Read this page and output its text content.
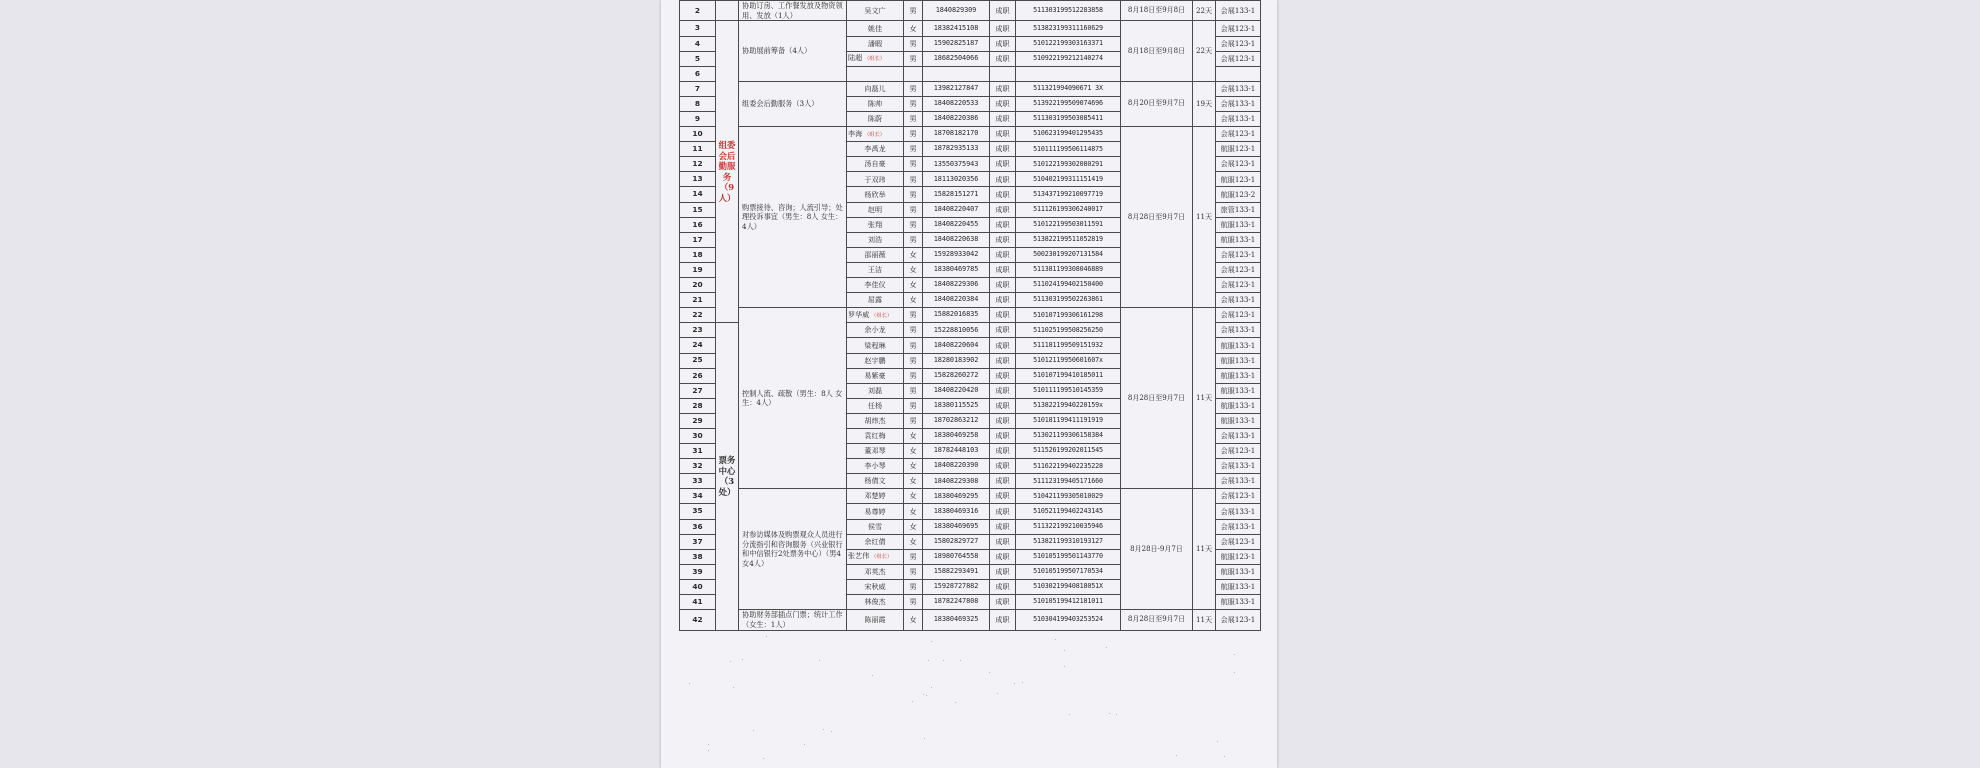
2		协助订房、工作餐发放及物资领用、发放（1人）	吴文广	男	1840829309	成职	511303199512283858	8月18日至9月8日	22天	会展133-1
3	组委会后勤服务（9人）	协助展前筹备（4人）	姚佳	女	18382415108	成职	513823199311160629	8月18日至9月8日	22天	会展123-1
4			潘暇	男	15902825187	成职	510122199303163371			会展123-1
5			陆超 （组长）	男	18682504066	成职	510922199212140274			会展123-1
6										
7		组委会后勤服务（3人）	向磊儿	男	13982127847	成职	511321994090671 3X	8月20日至9月7日	19天	会展133-1
8			陈帅	男	18408220533	成职	513922199509074696			会展133-1
9			陈蔚	男	18408220386	成职	511303199503085411			会展133-1
10		购票接待、咨询；人流引导；处理投诉事宜（男生：8人 女生：4人）	李海 （组长）	男	18708182170	成职	510623199401295435	8月28日至9月7日	11天	会展123-1
11			李禹龙	男	18782935133	成职	510111199506114875			航服123-1
12			汤自豪	男	13550375943	成职	510122199302080291			会展123-1
13			于双玮	男	18113020356	成职	510402199311151419			航服123-1
14			杨欣举	男	15828151271	成职	513437199210097719			航服123-2
15			赵明	男	18408220407	成职	511126199306240017			旅管133-1
16			张翔	男	18408220455	成职	510122199503011591			航服133-1
17			刘浩	男	18408220638	成职	513822199511052819			航服133-1
18			邵丽薇	女	15928933042	成职	500230199207131584			会展123-1
19			王洁	女	18380469785	成职	511381199308046889			会展123-1
20			李佳仪	女	18408229306	成职	511024199402150400			会展123-1
21			屈露	女	18408220384	成职	511303199502263861			会展133-1
22		控制人流、疏散（男生：8人 女生：4人）	罗华威 （组长）	男	15882016835	成职	510107199306161298	8月28日至9月7日	11天	会展123-1
23	票务中心（3处）		余小龙	男	15228810056	成职	511025199508256250			会展133-1
24			梁程琳	男	18408220604	成职	511181199509151932			航服133-1
25			赵宇鹏	男	18280183902	成职	51012119950601607x			航服133-1
26			易紫豪	男	15828260272	成职	510107199410185011			航服133-1
27			刘磊	男	18408220420	成职	510111199510145359			航服133-1
28			任杨	男	18380115525	成职	51382219940220159x			航服133-1
29			胡炜杰	男	18702863212	成职	510181199411191919			航服133-1
30			袁红梅	女	18380469258	成职	513021199306158384			会展133-1
31			董邓琴	女	18782448103	成职	511526199202011545			会展123-1
32			李小琴	女	18408220390	成职	511622199402235228			会展133-1
33			杨倩文	女	18408229308	成职	511123199405171660			会展133-1
34		对参访媒体及购票观众人员进行分流指引和咨询服务（兴业银行和中信银行2处票务中心）（男4 女4人）	邓楚婷	女	18380469295	成职	510421199305010029	8月28日-9月7日	11天	会展123-1
35			易尊婷	女	18380469316	成职	510521199402243145			会展133-1
36			侯雪	女	18380469695	成职	511322199210035946			会展133-1
37			余红倩	女	15802829727	成职	513821199310193127			会展123-1
38			张艺伟 （组长）	男	18980764558	成职	510105199501143770			航服123-1
39			邓英杰	男	15882293491	成职	510105199507170534			航服133-1
40			宋秋威	男	15928727882	成职	51030219940818051X			航服133-1
41			林俊杰	男	18782247808	成职	510105199412181011			航服133-1
42		协助财务部插点门票；统计工作（女生：1人）	陈丽霞	女	18380469325	成职	510304199403253524	8月28日至9月7日	11天	会展123-1
